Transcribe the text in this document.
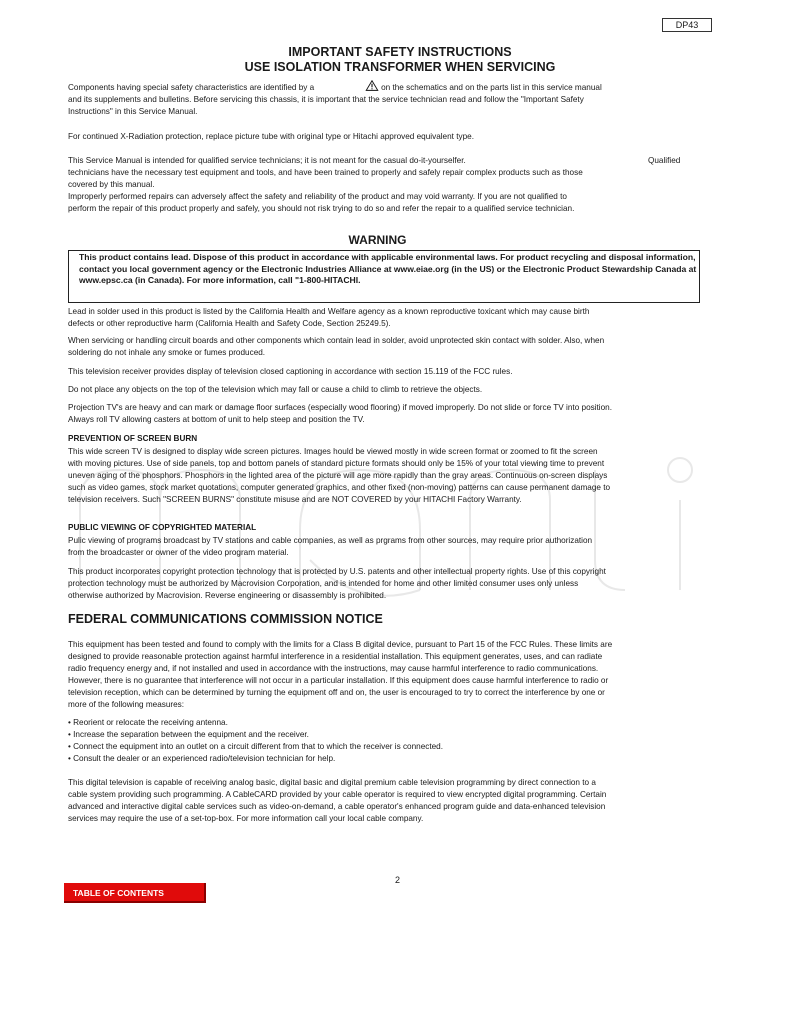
DP43
IMPORTANT SAFETY INSTRUCTIONS
USE ISOLATION TRANSFORMER WHEN SERVICING
Components having special safety characteristics are identified by a	on the schematics and on the parts list in this service manual
and its supplements and bulletins. Before servicing this chassis, it is important that the service technician read and follow the "Important Safety Instructions" in this Service Manual.
For continued X-Radiation protection, replace picture tube with original type or Hitachi approved equivalent type.
This Service Manual is intended for qualified service technicians; it is not meant for the casual do-it-yourselfer.	Qualified
technicians have the necessary test equipment and tools, and have been trained to properly and safely repair complex products such as those covered by this manual.
Improperly performed repairs can adversely affect the safety and reliability of the product and may void warranty. If you are not qualified to perform the repair of this product properly and safely, you should not risk trying to do so and refer the repair to a qualified service technician.
WARNING
This product contains lead. Dispose of this product in accordance with applicable environmental laws. For product recycling and disposal information, contact you local government agency or the Electronic Industries Alliance at www.eiae.org (in the US) or the Electronic Product Stewardship Canada at www.epsc.ca (in Canada). For more information, call "1-800-HITACHI.
Lead in solder used in this product is listed by the California Health and Welfare agency as a known reproductive toxicant which may cause birth defects or other reproductive harm (California Health and Safety Code, Section 25249.5).
When servicing or handling circuit boards and other components which contain lead in solder, avoid unprotected skin contact with solder. Also, when soldering do not inhale any smoke or fumes produced.
This television receiver provides display of television closed captioning in accordance with section 15.119 of the FCC rules.
Do not place any objects on the top of the television which may fall or cause a child to climb to retrieve the objects.
Projection TV's are heavy and can mark or damage floor surfaces (especially wood flooring) if moved improperly. Do not slide or force TV into position. Always roll TV allowing casters at bottom of unit to help steep and position the TV.
PREVENTION OF SCREEN BURN
This wide screen TV is designed to display wide screen pictures. Images hould be viewed mostly in wide screen format or zoomed to fit the screen with moving pictures. Use of side panels, top and bottom panels of standard picture formats should only be 15% of your total viewing time to prevent uneven aging of the phosphors. Phosphors in the lighted area of the picture will age more rapidly than the gray areas. Continuous on-screen displays such as video games, stock market quotations, computer generated graphics, and other fixed (non-moving) patterns can cause permanent damage to television receivers. Such "SCREEN BURNS" constitute misuse and are NOT COVERED by your HITACHI Factory Warranty.
PUBLIC VIEWING OF COPYRIGHTED MATERIAL
Pulic viewing of programs broadcast by TV stations and cable companies, as well as prgrams from other sources, may require prior authorization from the broadcaster or owner of the video program material.
This product incorporates copyright protection technology that is protected by U.S. patents and other intellectual property rights. Use of this copyright protection technology must be authorized by Macrovision Corporation, and is intended for home and other limited consumer uses only unless otherwise authorized by Macrovision. Reverse engineering or disassembly is prohibited.
FEDERAL COMMUNICATIONS COMMISSION NOTICE
This equipment has been tested and found to comply with the limits for a Class B digital device, pursuant to Part 15 of the FCC Rules. These limits are designed to provide reasonable protection against harmful interference in a residential installation. This equipment generates, uses, and can radiate radio frequency energy and, if not installed and used in accordance with the instructions, may cause harmful interference to radio communications. However, there is no guarantee that interference will not occur in a particular installation. If this equipment does cause harmful interference to radio or television reception, which can be determined by turning the equipment off and on, the user is encouraged to try to correct the interference by one or more of the following measures:
• Reorient or relocate the receiving antenna.
• Increase the separation between the equipment and the receiver.
• Connect the equipment into an outlet on a circuit different from that to which the receiver is connected.
• Consult the dealer or an experienced radio/television technician for help.
This digital television is capable of receiving analog basic, digital basic and digital premium cable television programming by direct connection to a cable system providing such programming. A CableCARD provided by your cable operator is required to view encrypted digital programming. Certain advanced and interactive digital cable services such as video-on-demand, a cable operator's enhanced program guide and data-enhanced television services may require the use of a set-top-box. For more information call your local cable company.
2
TABLE OF CONTENTS
